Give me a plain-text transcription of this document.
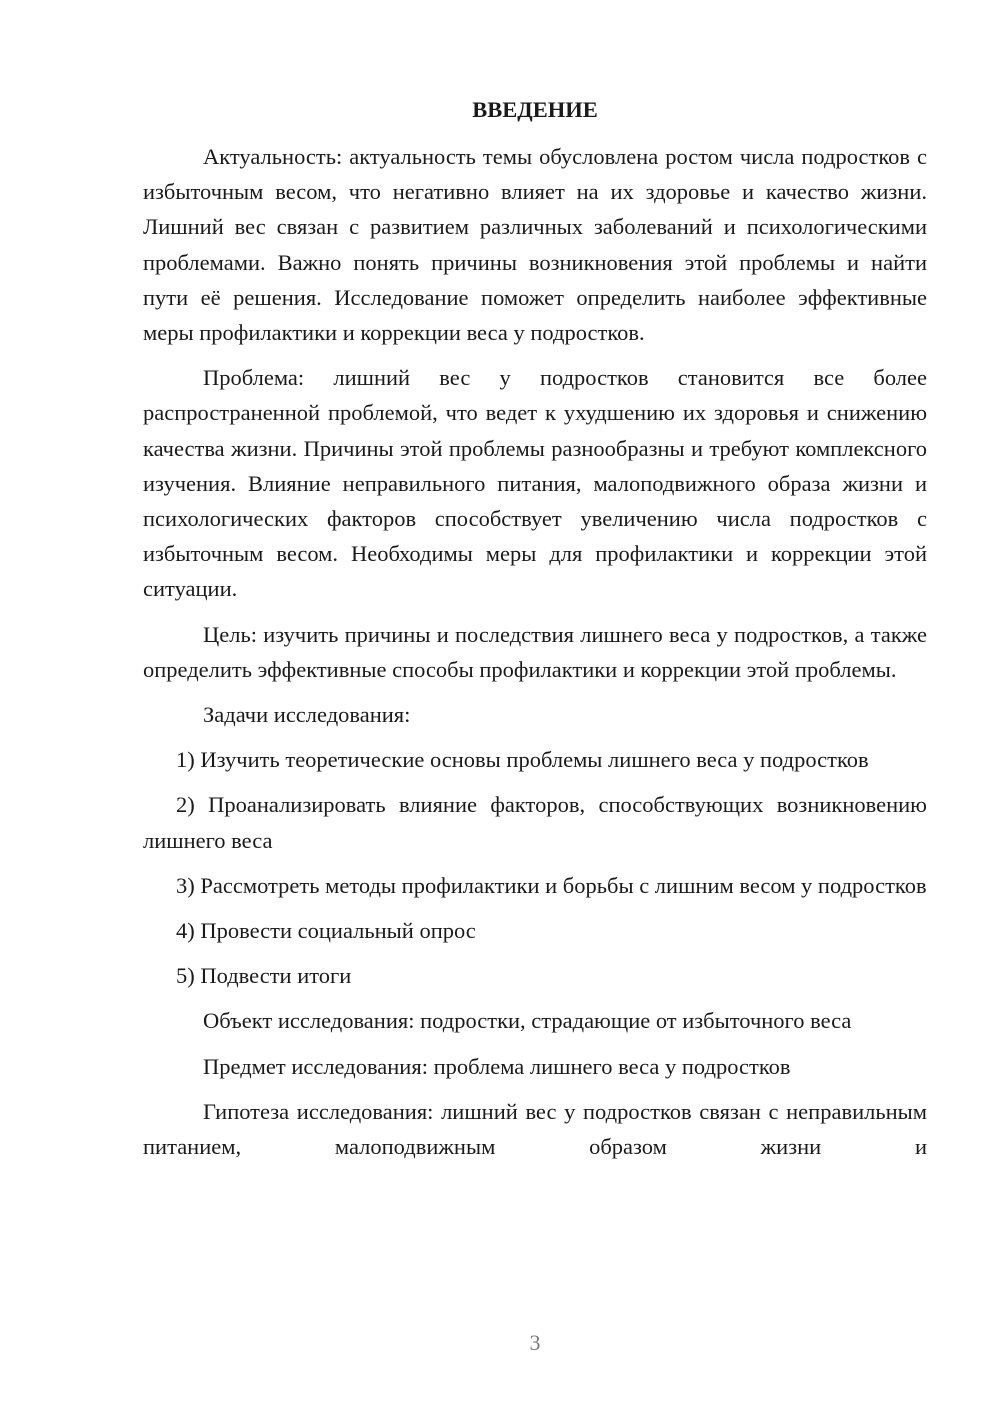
ВВЕДЕНИЕ
Актуальность: актуальность темы обусловлена ростом числа подростков с избыточным весом, что негативно влияет на их здоровье и качество жизни. Лишний вес связан с развитием различных заболеваний и психологическими проблемами. Важно понять причины возникновения этой проблемы и найти пути её решения. Исследование поможет определить наиболее эффективные меры профилактики и коррекции веса у подростков.
Проблема: лишний вес у подростков становится все более распространенной проблемой, что ведет к ухудшению их здоровья и снижению качества жизни. Причины этой проблемы разнообразны и требуют комплексного изучения. Влияние неправильного питания, малоподвижного образа жизни и психологических факторов способствует увеличению числа подростков с избыточным весом. Необходимы меры для профилактики и коррекции этой ситуации.
Цель: изучить причины и последствия лишнего веса у подростков, а также определить эффективные способы профилактики и коррекции этой проблемы.
Задачи исследования:
1) Изучить теоретические основы проблемы лишнего веса у подростков
2) Проанализировать влияние факторов, способствующих возникновению лишнего веса
3) Рассмотреть методы профилактики и борьбы с лишним весом у подростков
4) Провести социальный опрос
5) Подвести итоги
Объект исследования: подростки, страдающие от избыточного веса
Предмет исследования: проблема лишнего веса у подростков
Гипотеза исследования: лишний вес у подростков связан с неправильным питанием, малоподвижным образом жизни и
3
